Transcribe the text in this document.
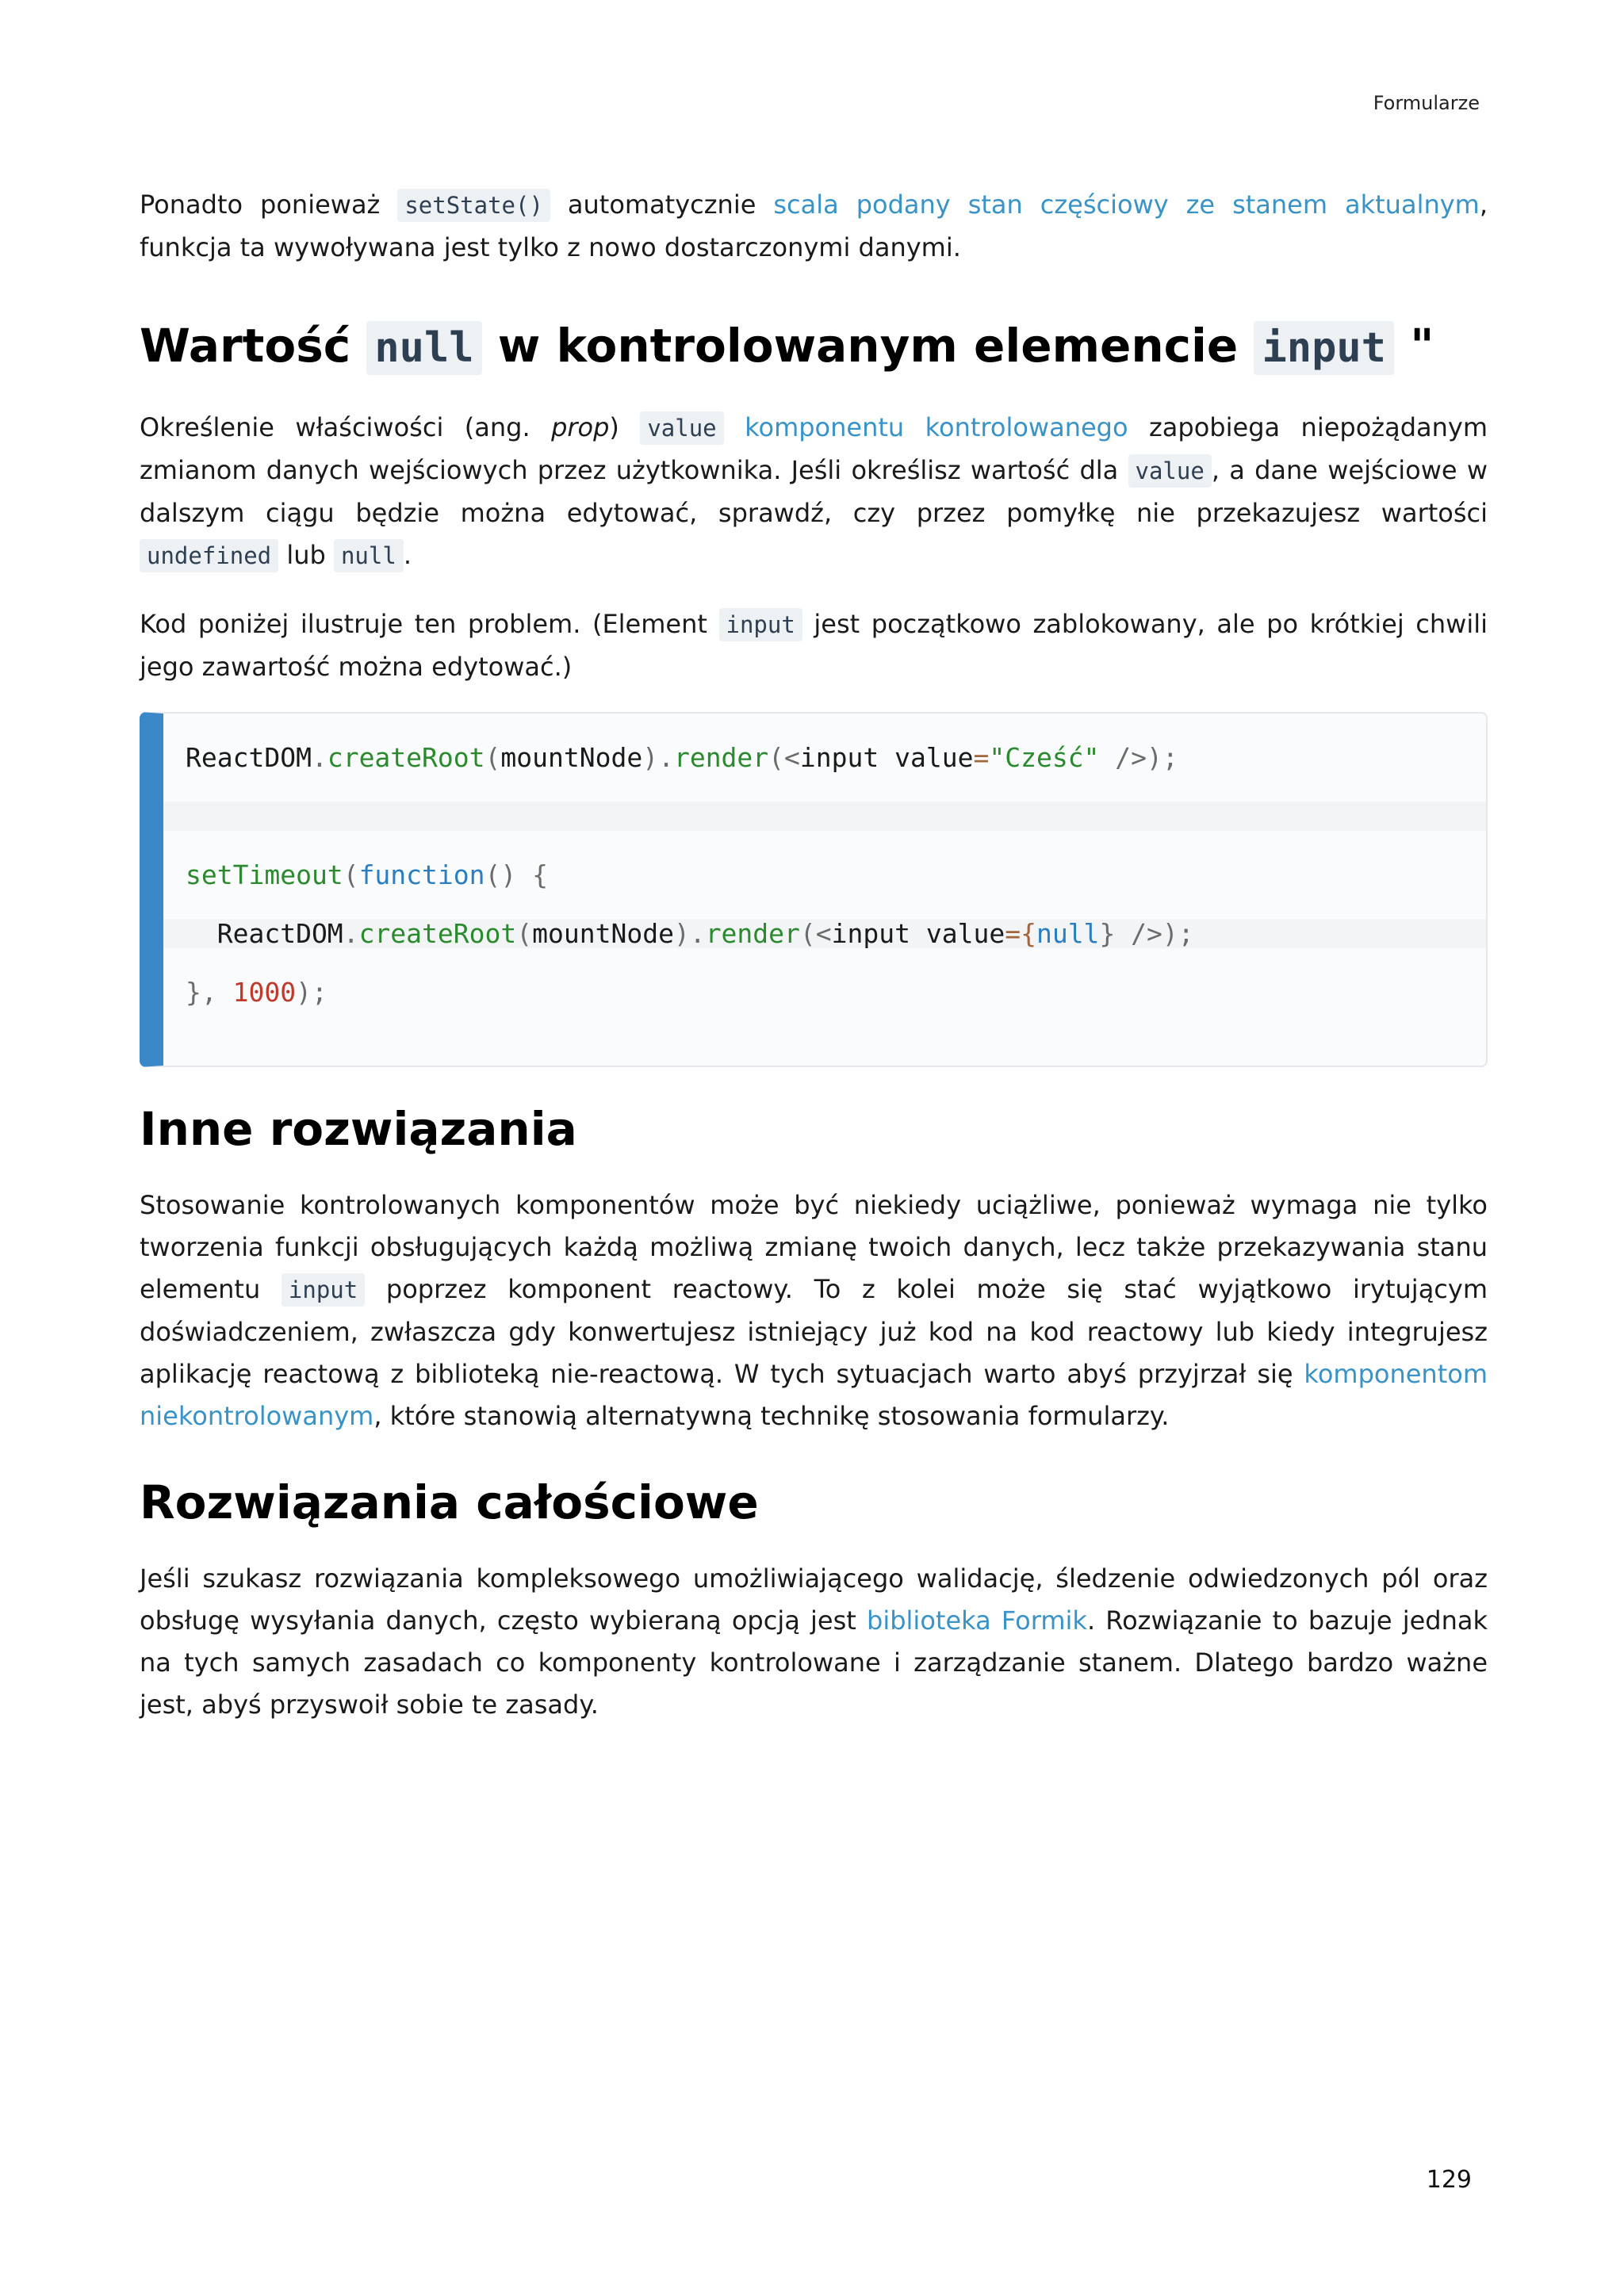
Formularze

Ponadto ponieważ setState() automatycznie scala podany stan częściowy ze stanem aktualnym, funkcja ta wywoływana jest tylko z nowo dostarczonymi danymi.

Wartość null w kontrolowanym elemencie input "

Określenie właściwości (ang. prop) value komponentu kontrolowanego zapobiega niepożądanym zmianom danych wejściowych przez użytkownika. Jeśli określisz wartość dla value , a dane wejściowe w dalszym ciągu będzie można edytować, sprawdź, czy przez pomyłkę nie przekazujesz wartości undefined lub null .

Kod poniżej ilustruje ten problem. (Element input jest początkowo zablokowany, ale po krótkiej chwili jego zawartość można edytować.)

ReactDOM.createRoot(mountNode).render(<input value="Cześć" />);

setTimeout(function() {

ReactDOM.createRoot(mountNode).render(<input value={null} />);

}, 1000);

Inne rozwiązania

Stosowanie kontrolowanych komponentów może być niekiedy uciążliwe, ponieważ wymaga nie tylko tworzenia funkcji obsługujących każdą możliwą zmianę twoich danych, lecz także przekazywania stanu elementu input poprzez komponent reactowy. To z kolei może się stać wyjątkowo irytującym doświadczeniem, zwłaszcza gdy konwertujesz istniejący już kod na kod reactowy lub kiedy integrujesz aplikację reactową z biblioteką nie-reactową. W tych sytuacjach warto abyś przyjrzał się komponentom niekontrolowanym, które stanowią alternatywną technikę stosowania formularzy.

Rozwiązania całościowe

Jeśli szukasz rozwiązania kompleksowego umożliwiającego walidację, śledzenie odwiedzonych pól oraz obsługę wysyłania danych, często wybieraną opcją jest biblioteka Formik. Rozwiązanie to bazuje jednak na tych samych zasadach co komponenty kontrolowane i zarządzanie stanem. Dlatego bardzo ważne jest, abyś przyswoił sobie te zasady.

129
